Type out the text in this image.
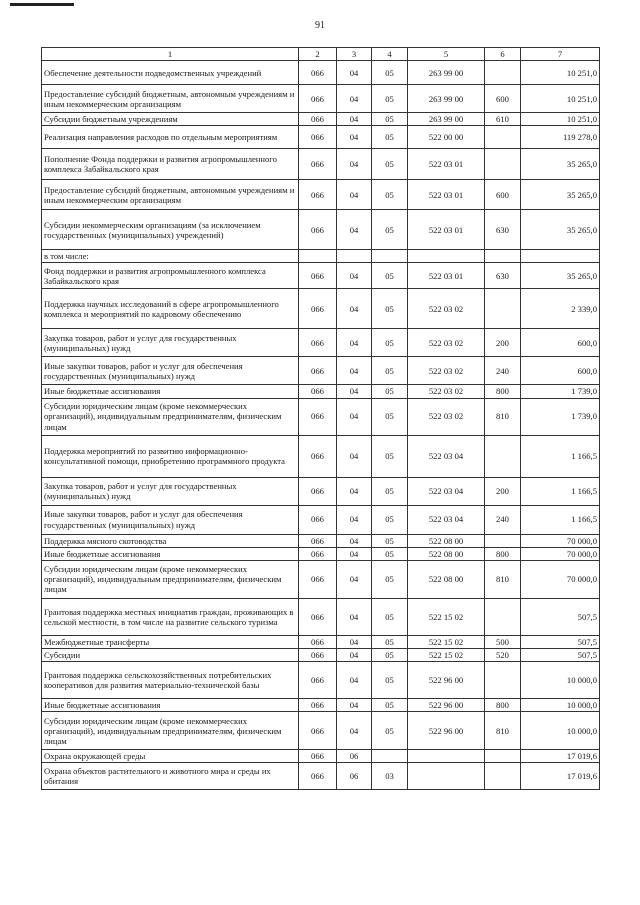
91
1	2	3	4	5	6	7
Обеспечение деятельности подведомственных учреждений	066	04	05	263 99 00		10 251,0
Предоставление субсидий бюджетным, автономным учреждениям и иным некоммерческим организациям	066	04	05	263 99 00	600	10 251,0
Субсидии бюджетным учреждениям	066	04	05	263 99 00	610	10 251,0
Реализация направления расходов по отдельным мероприятиям	066	04	05	522 00 00		119 278,0
Пополнение Фонда поддержки и развития агропромышленного комплекса Забайкальского края	066	04	05	522 03 01		35 265,0
Предоставление субсидий бюджетным, автономным учреждениям и иным некоммерческим организациям	066	04	05	522 03 01	600	35 265,0
Субсидии некоммерческим организациям (за исключением государственных (муниципальных) учреждений)	066	04	05	522 03 01	630	35 265,0
в том числе:						
Фонд поддержки и развития агропромышленного комплекса Забайкальского края	066	04	05	522 03 01	630	35 265,0
Поддержка научных исследований в сфере агропромышленного комплекса и мероприятий по кадровому обеспечению	066	04	05	522 03 02		2 339,0
Закупка товаров, работ и услуг для государственных (муниципальных) нужд	066	04	05	522 03 02	200	600,0
Иные закупки товаров, работ и услуг для обеспечения государственных (муниципальных) нужд	066	04	05	522 03 02	240	600,0
Иные бюджетные ассигнования	066	04	05	522 03 02	800	1 739,0
Субсидии юридическим лицам (кроме некоммерческих организаций), индивидуальным предпринимателям, физическим лицам	066	04	05	522 03 02	810	1 739,0
Поддержка мероприятий по развитию информационно-консультативной помощи, приобретению программного продукта	066	04	05	522 03 04		1 166,5
Закупка товаров, работ и услуг для государственных (муниципальных) нужд	066	04	05	522 03 04	200	1 166,5
Иные закупки товаров, работ и услуг для обеспечения государственных (муниципальных) нужд	066	04	05	522 03 04	240	1 166,5
Поддержка мясного скотоводства	066	04	05	522 08 00		70 000,0
Иные бюджетные ассигнования	066	04	05	522 08 00	800	70 000,0
Субсидии юридическим лицам (кроме некоммерческих организаций), индивидуальным предпринимателям, физическим лицам	066	04	05	522 08 00	810	70 000,0
Грантовая поддержка местных инициатив граждан, проживающих в сельской местности, в том числе на развитие сельского туризма	066	04	05	522 15 02		507,5
Межбюджетные трансферты	066	04	05	522 15 02	500	507,5
Субсидии	066	04	05	522 15 02	520	507,5
Грантовая поддержка сельскохозяйственных потребительских кооперативов для развития материально-технической базы	066	04	05	522 96 00		10 000,0
Иные бюджетные ассигнования	066	04	05	522 96 00	800	10 000,0
Субсидии юридическим лицам (кроме некоммерческих организаций), индивидуальным предпринимателям, физическим лицам	066	04	05	522 96 00	810	10 000,0
Охрана окружающей среды	066	06				17 019,6
Охрана объектов растительного и животного мира и среды их обитания	066	06	03			17 019,6
